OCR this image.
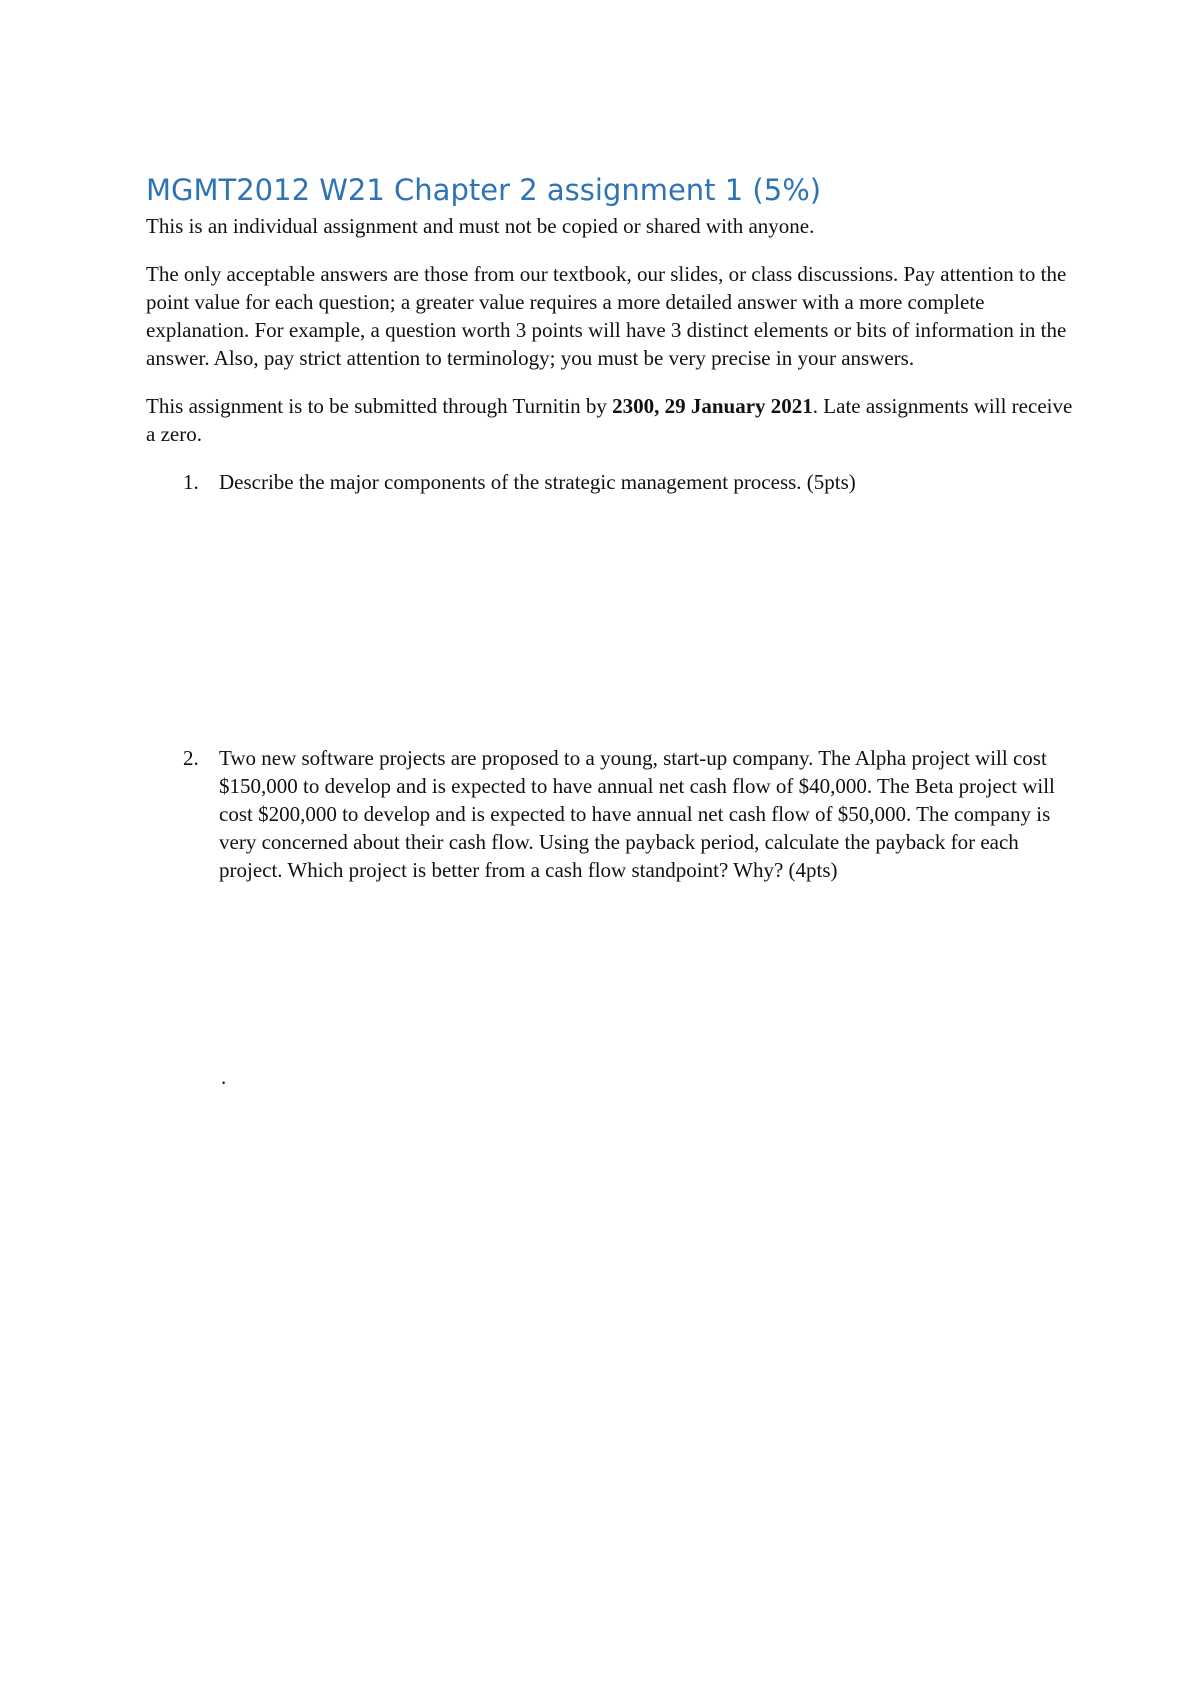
MGMT2012 W21 Chapter 2 assignment 1 (5%)

This is an individual assignment and must not be copied or shared with anyone.

The only acceptable answers are those from our textbook, our slides, or class discussions. Pay attention to the point value for each question; a greater value requires a more detailed answer with a more complete explanation. For example, a question worth 3 points will have 3 distinct elements or bits of information in the answer. Also, pay strict attention to terminology; you must be very precise in your answers.

This assignment is to be submitted through Turnitin by 2300, 29 January 2021. Late assignments will receive a zero.

1. Describe the major components of the strategic management process. (5pts)
2. Two new software projects are proposed to a young, start-up company. The Alpha project will cost $150,000 to develop and is expected to have annual net cash flow of $40,000. The Beta project will cost $200,000 to develop and is expected to have annual net cash flow of $50,000. The company is very concerned about their cash flow. Using the payback period, calculate the payback for each project. Which project is better from a cash flow standpoint? Why? (4pts)
.
